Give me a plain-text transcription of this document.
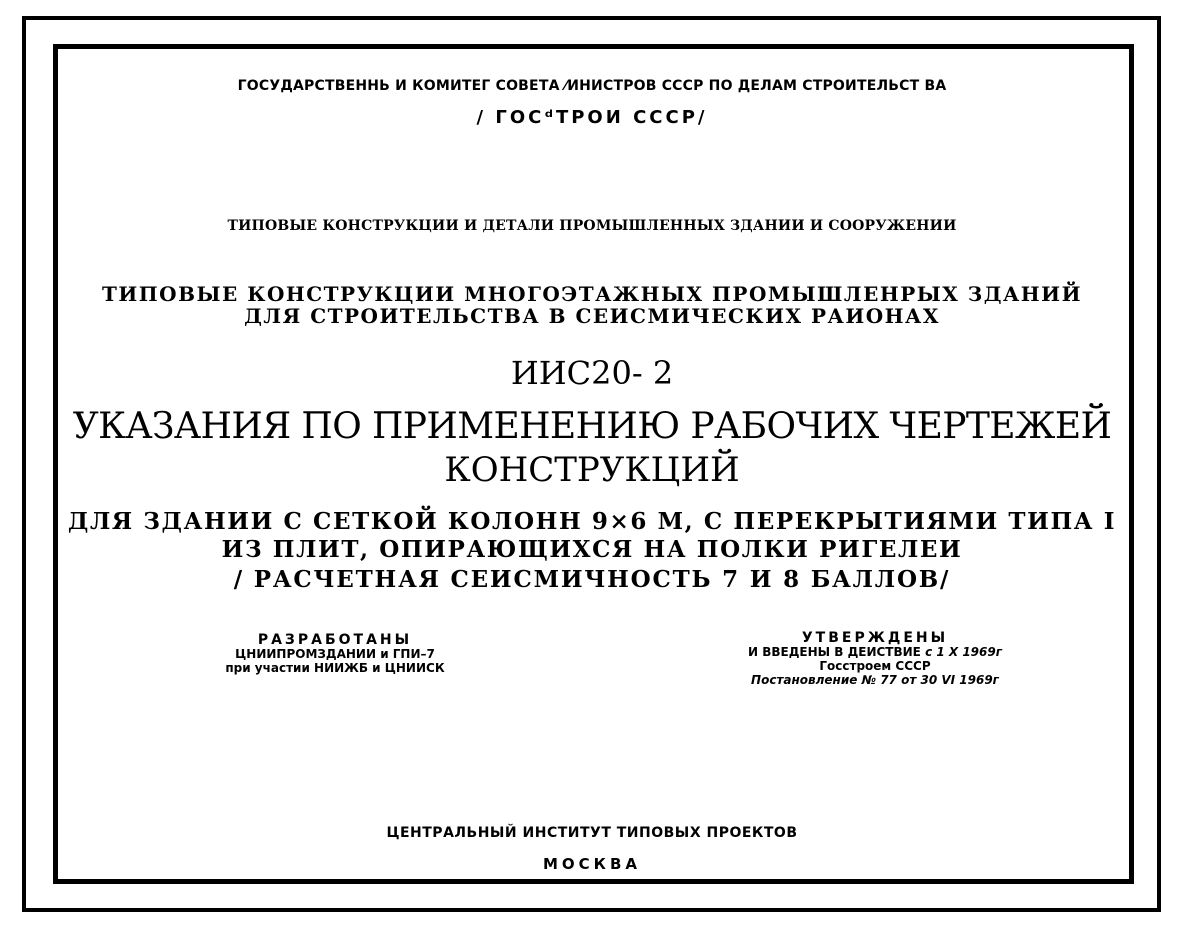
ГОСУДАРСТВЕННЬ И КОМИТЕГ СОВЕТА ⁄ИНИСТРОВ СССР ПО ДЕЛАМ СТРОИТЕЛЬСТ ВА
/ ГОСᵈТРОИ СССР/
ТИПОВЫЕ КОНСТРУКЦИИ И ДЕТАЛИ ПРОМЫШЛЕННЫХ ЗДАНИИ И СООРУЖЕНИИ
ТИПОВЫЕ КОНСТРУКЦИИ МНОГОЭТАЖНЫХ ПРОМЫШЛЕНРЫХ ЗДАНИЙ
ДЛЯ СТРОИТЕЛЬСТВА В СЕИСМИЧЕСКИХ РАИОНАХ
ИИС20- 2
УКАЗАНИЯ ПО ПРИМЕНЕНИЮ РАБОЧИХ ЧЕРТЕЖЕЙ
КОНСТРУКЦИЙ
ДЛЯ ЗДАНИИ С СЕТКОЙ КОЛОНН 9×6 М, С ПЕРЕКРЫТИЯМИ ТИПА I
ИЗ ПЛИТ, ОПИРАЮЩИХСЯ НА ПОЛКИ РИГЕЛЕИ
/ РАСЧЕТНАЯ СЕИСМИЧНОСТЬ 7 И 8 БАЛЛОВ/
РАЗРАБОТАНЫ
ЦНИИПРОМЗДАНИИ и ГПИ–7
при участии НИИЖБ и ЦНИИСК
УТВЕРЖДЕНЫ
И ВВЕДЕНЫ В ДЕИСТВИЕ с 1 Х 1969г
Госстроем СССР
Постановление № 77 от 30 VI 1969г
ЦЕНТРАЛЬНЫЙ ИНСТИТУТ ТИПОВЫХ ПРОЕКТОВ
МОСКВА
